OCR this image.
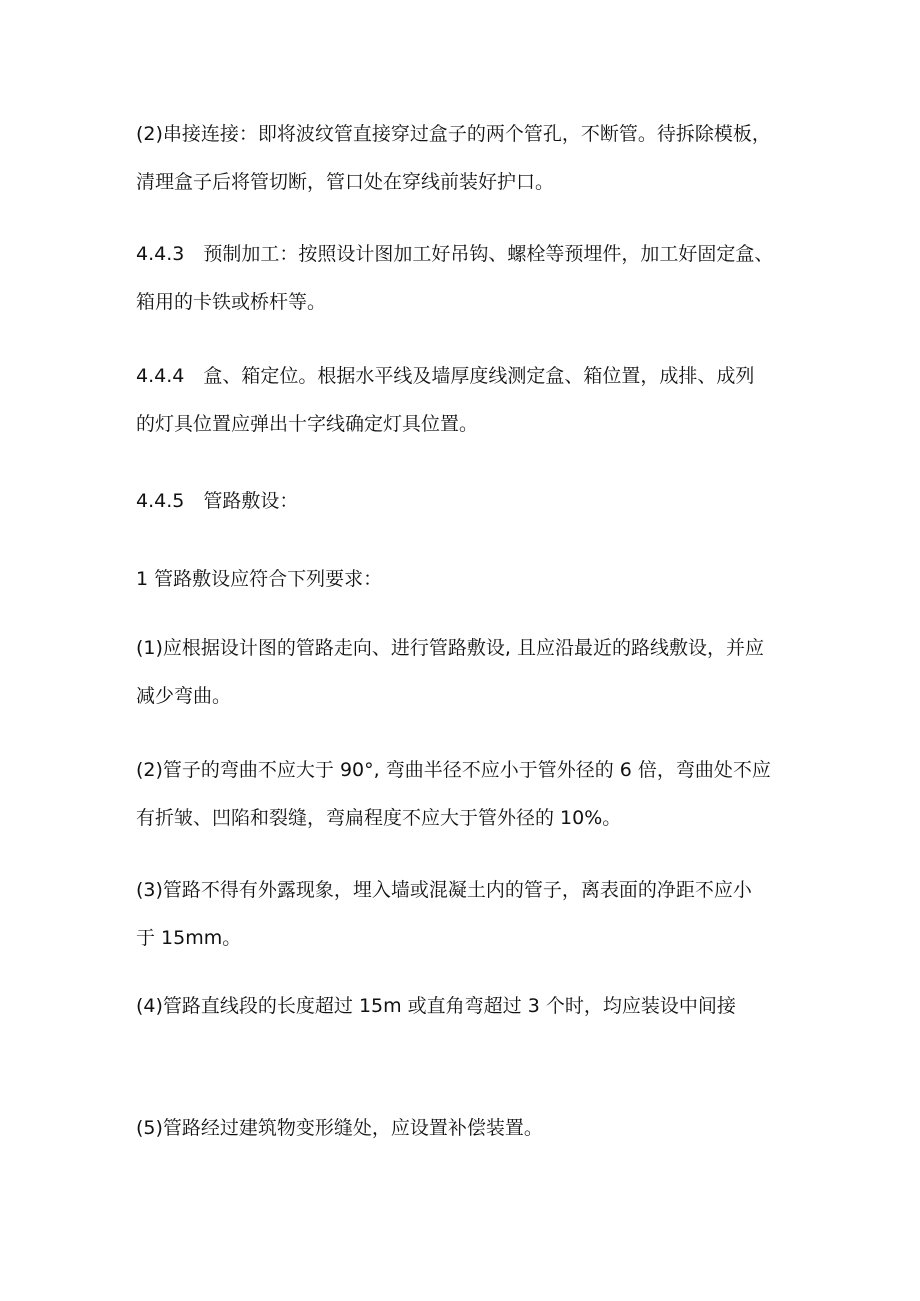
(2)串接连接：即将波纹管直接穿过盒子的两个管孔，不断管。待拆除模板，
清理盒子后将管切断，管口处在穿线前装好护口。

4.4.3　预制加工：按照设计图加工好吊钩、螺栓等预埋件，加工好固定盒、
箱用的卡铁或桥杆等。

4.4.4　盒、箱定位。根据水平线及墙厚度线测定盒、箱位置，成排、成列
的灯具位置应弹出十字线确定灯具位置。

4.4.5　管路敷设：

1 管路敷设应符合下列要求：

(1)应根据设计图的管路走向、进行管路敷设, 且应沿最近的路线敷设，并应
减少弯曲。

(2)管子的弯曲不应大于 90°, 弯曲半径不应小于管外径的 6 倍，弯曲处不应
有折皱、凹陷和裂缝，弯扁程度不应大于管外径的 10%。

(3)管路不得有外露现象，埋入墙或混凝土内的管子，离表面的净距不应小
于 15mm。

(4)管路直线段的长度超过 15m 或直角弯超过 3 个时，均应装设中间接

(5)管路经过建筑物变形缝处，应设置补偿装置。
